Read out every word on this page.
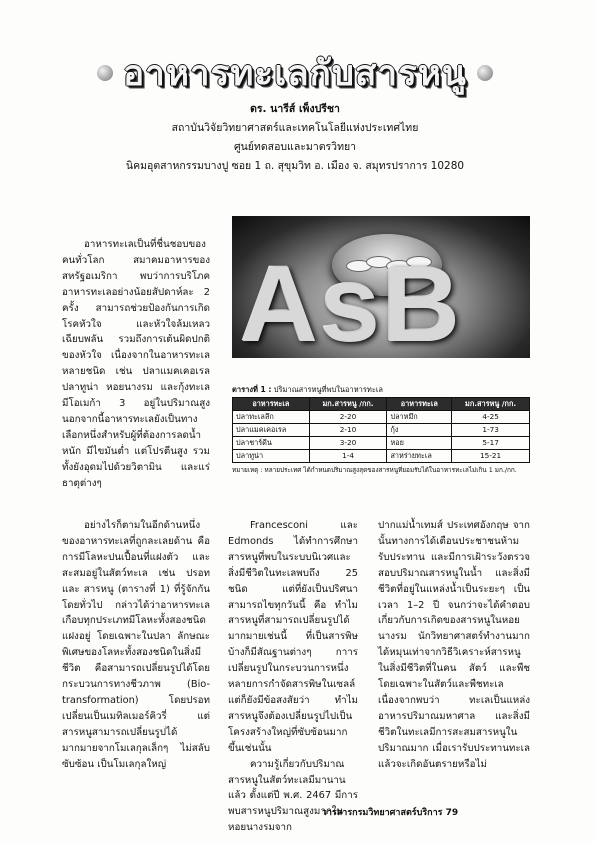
อาหารทะเลกับสารหนู
ดร. นารีส์ เพ็งปรีชา
สถาบันวิจัยวิทยาศาสตร์และเทคโนโลยีแห่งประเทศไทย
ศูนย์ทดสอบและมาตรวิทยา
นิคมอุตสาหกรรมบางปู ซอย 1 ถ. สุขุมวิท อ. เมือง จ. สมุทรปราการ 10280

อาหารทะเลเป็นที่ชื่นชอบของคนทั่วโลก สมาคมอาหารของสหรัฐอเมริกา พบว่าการบริโภคอาหารทะเลอย่างน้อยสัปดาห์ละ 2 ครั้ง สามารถช่วยป้องกันการเกิดโรคหัวใจ และหัวใจล้มเหลวเฉียบพลัน รวมถึงการเต้นผิดปกติของหัวใจ เนื่องจากในอาหารทะเลหลายชนิด เช่น ปลาแมคเคอเรล ปลาทูน่า หอยนางรม และกุ้งทะเล มีโอเมก้า 3 อยู่ในปริมาณสูง นอกจากนี้อาหารทะเลยังเป็นทางเลือกหนึ่งสำหรับผู้ที่ต้องการลดน้ำหนัก มีไขมันต่ำ แต่โปรตีนสูง รวมทั้งยังอุดมไปด้วยวิตามิน และแร่ธาตุต่างๆ

AsB
ตารางที่ 1 : ปริมาณสารหนูที่พบในอาหารทะเล
อาหารทะเล	มก.สารหนู /กก.	อาหารทะเล	มก.สารหนู /กก.
ปลาทะเลลึก	2-20	ปลาหมึก	4-25
ปลาแมคเคอเรล	2-10	กุ้ง	1-73
ปลาชาร์ดีน	3-20	หอย	5-17
ปลาทูน่า	1-4	สาหร่ายทะเล	15-21
หมายเหตุ : หลายประเทศ ได้กำหนดปริมาณสูงสุดของสารหนูที่ยอมรับได้ในอาหารทะเลไม่เกิน 1 มก./กก.

อย่างไรก็ตามในอีกด้านหนึ่งของอาหารทะเลที่ถูกละเลยด้าน คือ การมีโลหะปนเปื้อนที่แฝงตัว และสะสมอยู่ในสัตว์ทะเล เช่น ปรอท และ สารหนู (ตารางที่ 1) ที่รู้จักกันโดยทั่วไป กล่าวได้ว่าอาหารทะเลเกือบทุกประเภทมีโลหะทั้งสองชนิดแฝงอยู่ โดยเฉพาะในปลา ลักษณะพิเศษของโลหะทั้งสองชนิดในสิ่งมีชีวิต คือสามารถเปลี่ยนรูปได้โดยกระบวนการทางชีวภาพ (Bio-transformation) โดยปรอทเปลี่ยนเป็นเมทิลเมอร์คิวรี่ แต่สารหนูสามารถเปลี่ยนรูปได้มากมายจากโมเลกุลเล็กๆ ไม่สลับซับซ้อน เป็นโมเลกุลใหญ่

Francesconi และ Edmonds ได้ทำการศึกษาสารหนูที่พบในระบบนิเวศและสิ่งมีชีวิตในทะเลพบถึง 25 ชนิด แต่ที่ยังเป็นปริศนาสามารถไขทุกวันนี้ คือ ทำไมสารหนูที่สามารถเปลี่ยนรูปได้มากมายเช่นนี้ ที่เป็นสารพิษ บ้างก็มีสัณฐานต่างๆ กาารเปลี่ยนรูปในกระบวนการหนึ่งหลายการกำจัดสารพิษในเซลล์ แต่ก็ยังมีข้อสงสัยว่า ทำไมสารหนูจึงต้องเปลี่ยนรูปไปเป็นโครงสร้างใหญ่ที่ซับซ้อนมากขึ้นเช่นนั้น

ความรู้เกี่ยวกับปริมาณสารหนูในสัตว์ทะเลมีมานานแล้ว ตั้งแต่ปี พ.ศ. 2467 มีการพบสารหนูปริมาณสูงมากในหอยนางรมจาก

ปากแม่น้ำเทมส์ ประเทศอังกฤษ จากนั้นทางการได้เตือนประชาชนห้ามรับประทาน และมีการเฝ้าระวังตรวจสอบปริมาณสารหนูในน้ำ และสิ่งมีชีวิตที่อยู่ในแหล่งน้ำเป็นระยะๆ เป็นเวลา 1–2 ปี จนกว่าจะได้คำตอบเกี่ยวกับการเกิดของสารหนูในหอยนางรม นักวิทยาศาสตร์ทำงานมากได้หมุนเท่าจากวิธีวิเคราะห์สารหนูในสิ่งมีชีวิตที่ในคน สัตว์ และพืช โดยเฉพาะในสัตว์และพืชทะเล เนื่องจากพบว่า ทะเลเป็นแหล่งอาหารปริมาณมหาศาล และสิ่งมีชีวิตในทะเลมีการสะสมสารหนูในปริมาณมาก เมื่อเรารับประทานทะเลแล้วจะเกิดอันตรายหรือไม่

วารสารกรมวิทยาศาสตร์บริการ 79
